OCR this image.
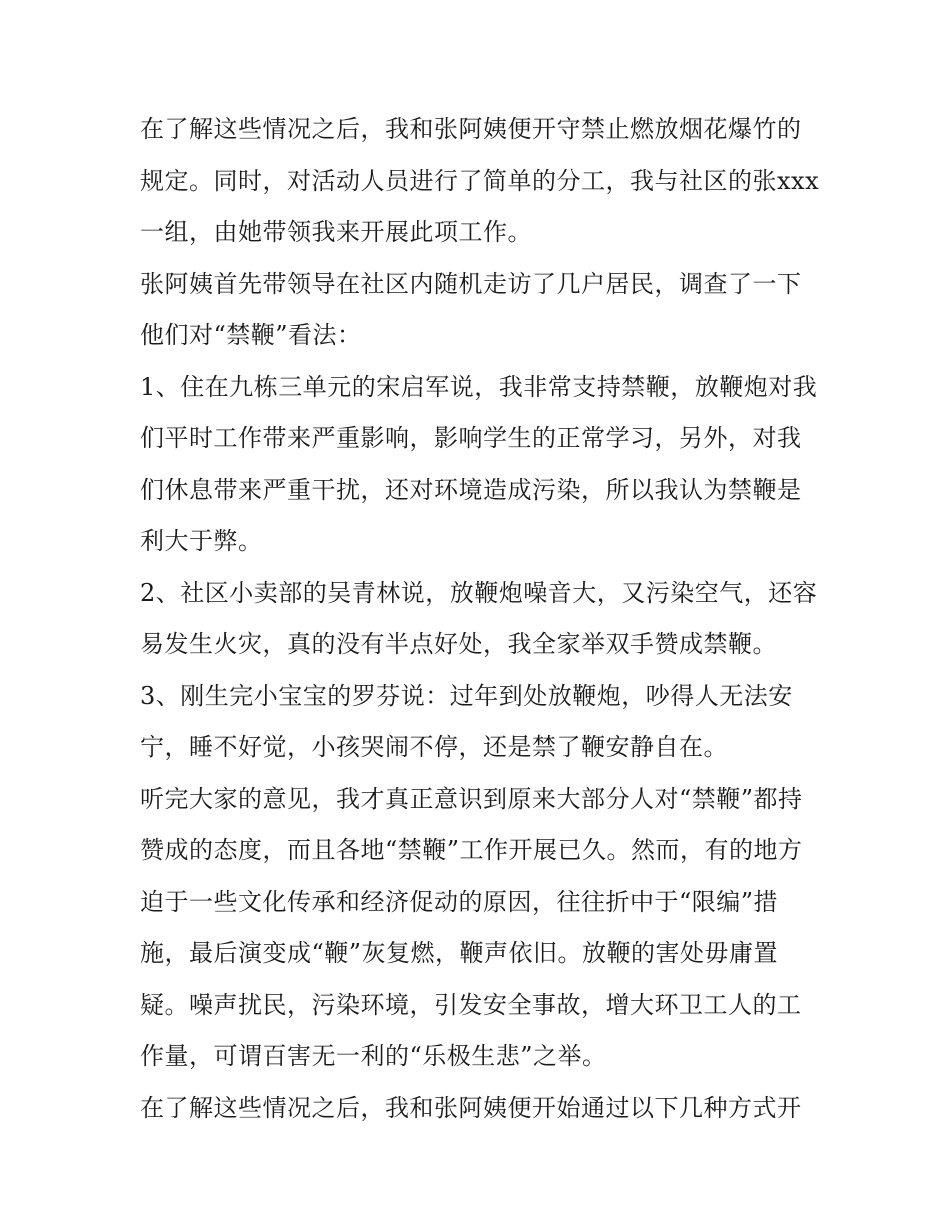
在了解这些情况之后，我和张阿姨便开守禁止燃放烟花爆竹的规定。同时，对活动人员进行了简单的分工，我与社区的张xxx一组，由她带领我来开展此项工作。

张阿姨首先带领导在社区内随机走访了几户居民，调查了一下他们对“禁鞭”看法：

1、住在九栋三单元的宋启军说，我非常支持禁鞭，放鞭炮对我们平时工作带来严重影响，影响学生的正常学习，另外，对我们休息带来严重干扰，还对环境造成污染，所以我认为禁鞭是利大于弊。

2、社区小卖部的吴青林说，放鞭炮噪音大，又污染空气，还容易发生火灾，真的没有半点好处，我全家举双手赞成禁鞭。

3、刚生完小宝宝的罗芬说：过年到处放鞭炮，吵得人无法安宁，睡不好觉，小孩哭闹不停，还是禁了鞭安静自在。

听完大家的意见，我才真正意识到原来大部分人对“禁鞭”都持赞成的态度，而且各地“禁鞭”工作开展已久。然而，有的地方迫于一些文化传承和经济促动的原因，往往折中于“限编”措施，最后演变成“鞭”灰复燃，鞭声依旧。放鞭的害处毋庸置疑。噪声扰民，污染环境，引发安全事故，增大环卫工人的工作量，可谓百害无一利的“乐极生悲”之举。

在了解这些情况之后，我和张阿姨便开始通过以下几种方式开
